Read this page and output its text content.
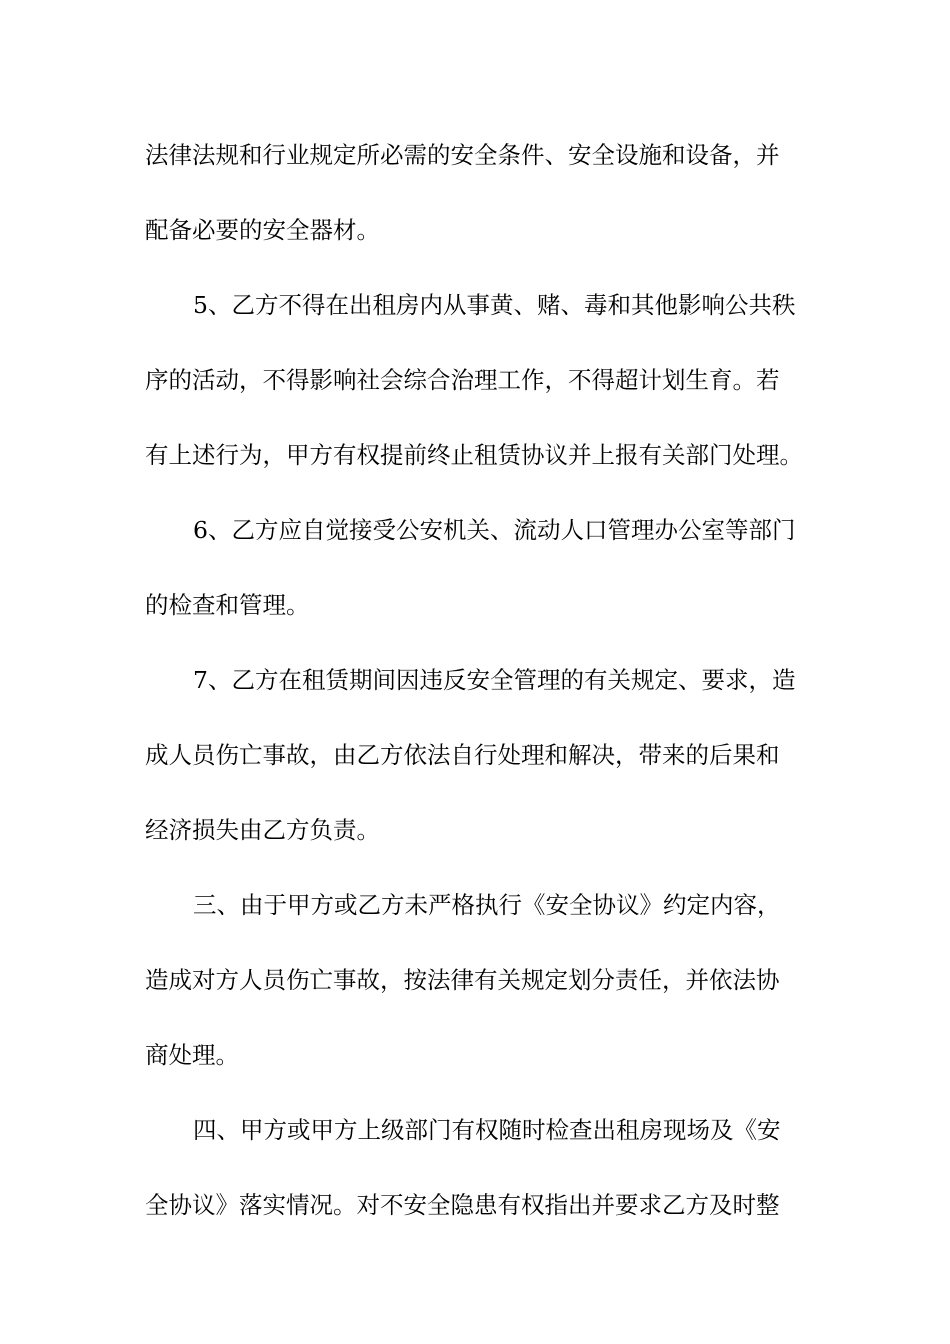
法律法规和行业规定所必需的安全条件、安全设施和设备，并
配备必要的安全器材。
5、乙方不得在出租房内从事黄、赌、毒和其他影响公共秩
序的活动，不得影响社会综合治理工作，不得超计划生育。若
有上述行为，甲方有权提前终止租赁协议并上报有关部门处理。
6、乙方应自觉接受公安机关、流动人口管理办公室等部门
的检查和管理。
7、乙方在租赁期间因违反安全管理的有关规定、要求，造
成人员伤亡事故，由乙方依法自行处理和解决，带来的后果和
经济损失由乙方负责。
三、由于甲方或乙方未严格执行《安全协议》约定内容，
造成对方人员伤亡事故，按法律有关规定划分责任，并依法协
商处理。
四、甲方或甲方上级部门有权随时检查出租房现场及《安
全协议》落实情况。对不安全隐患有权指出并要求乙方及时整
